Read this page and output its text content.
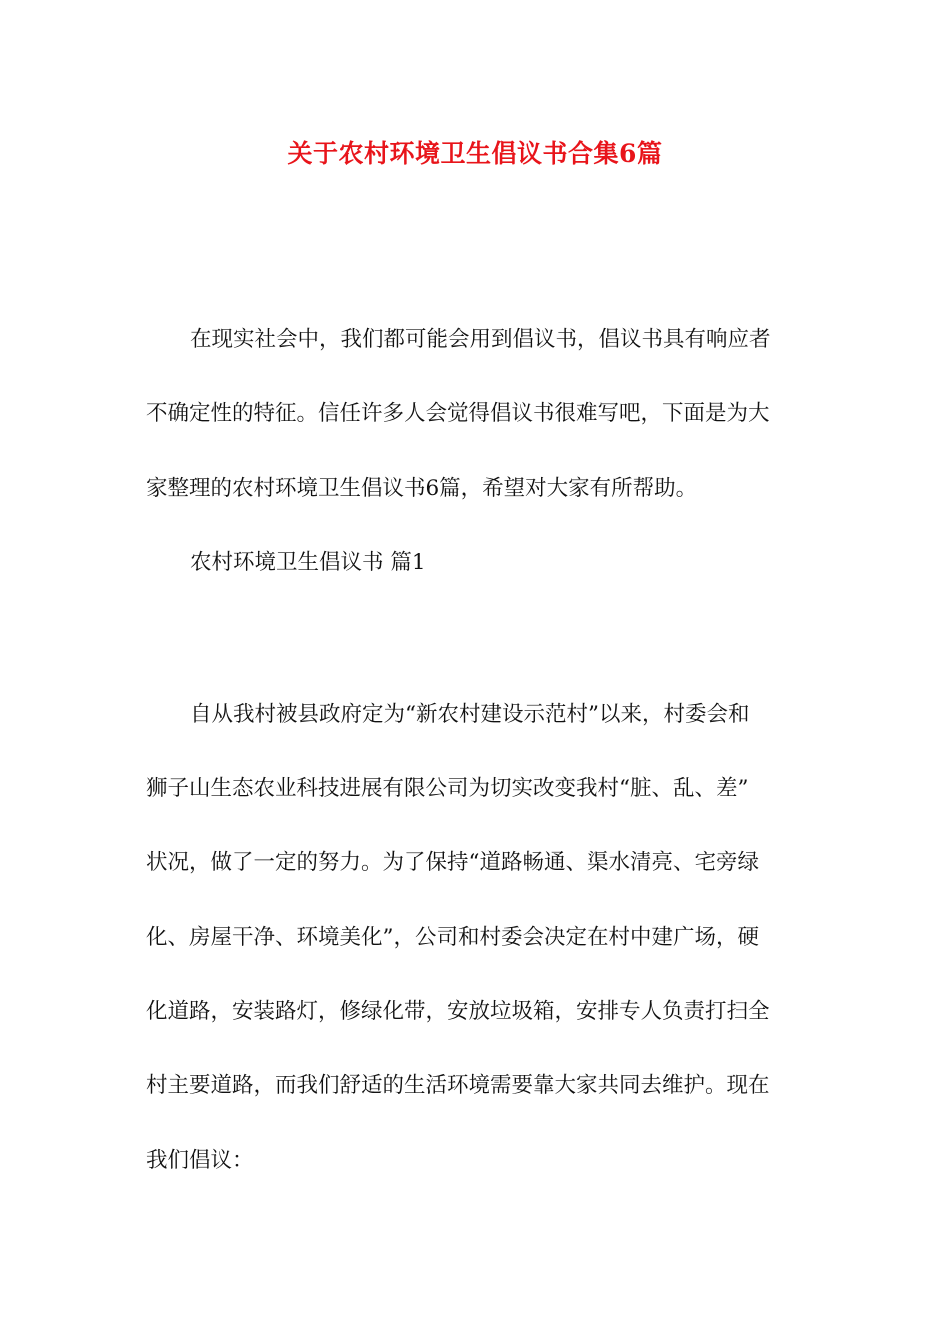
关于农村环境卫生倡议书合集6篇
在现实社会中，我们都可能会用到倡议书，倡议书具有响应者
不确定性的特征。信任许多人会觉得倡议书很难写吧，下面是为大
家整理的农村环境卫生倡议书6篇，希望对大家有所帮助。
农村环境卫生倡议书 篇1
自从我村被县政府定为“新农村建设示范村”以来，村委会和
狮子山生态农业科技进展有限公司为切实改变我村“脏、乱、差”
状况，做了一定的努力。为了保持“道路畅通、渠水清亮、宅旁绿
化、房屋干净、环境美化”，公司和村委会决定在村中建广场，硬
化道路，安装路灯，修绿化带，安放垃圾箱，安排专人负责打扫全
村主要道路，而我们舒适的生活环境需要靠大家共同去维护。现在
我们倡议：
